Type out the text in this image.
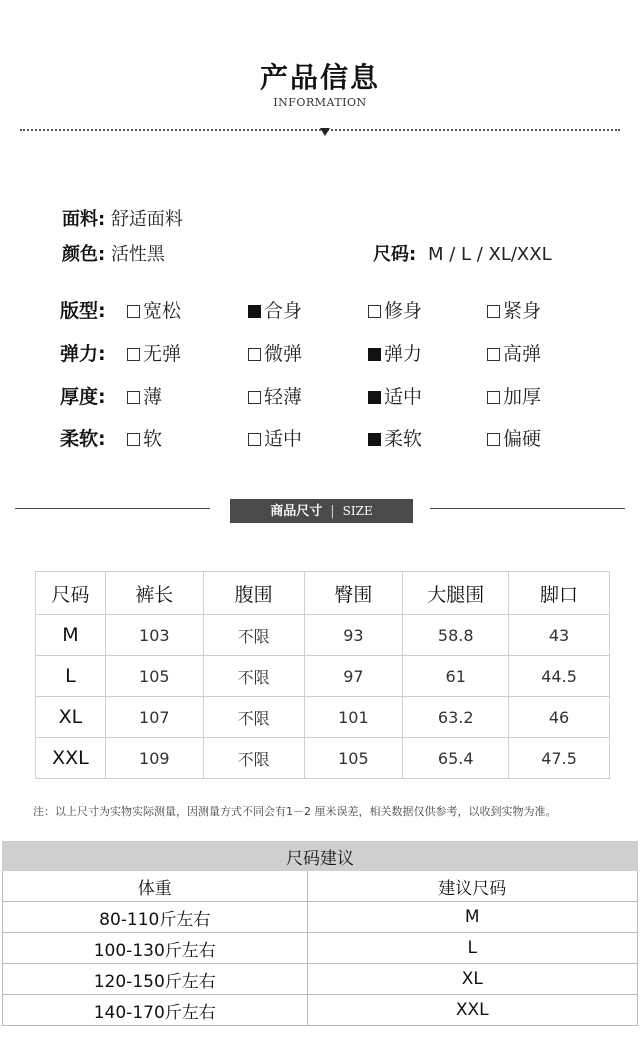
产品信息
INFORMATION
面料: 舒适面料
颜色: 活性黑	尺码: M / L / XL/XXL
版型:	宽松	合身	修身	紧身
弹力:	无弹	微弹	弹力	高弹
厚度:	薄	轻薄	适中	加厚
柔软:	软	适中	柔软	偏硬
商品尺寸 | SIZE
尺码	裤长	腹围	臀围	大腿围	脚口
M	103	不限	93	58.8	43
L	105	不限	97	61	44.5
XL	107	不限	101	63.2	46
XXL	109	不限	105	65.4	47.5
注：以上尺寸为实物实际测量，因测量方式不同会有1－2 厘米误差，相关数据仅供参考，以收到实物为准。
尺码建议	
体重	建议尺码
80-110斤左右	M
100-130斤左右	L
120-150斤左右	XL
140-170斤左右	XXL
